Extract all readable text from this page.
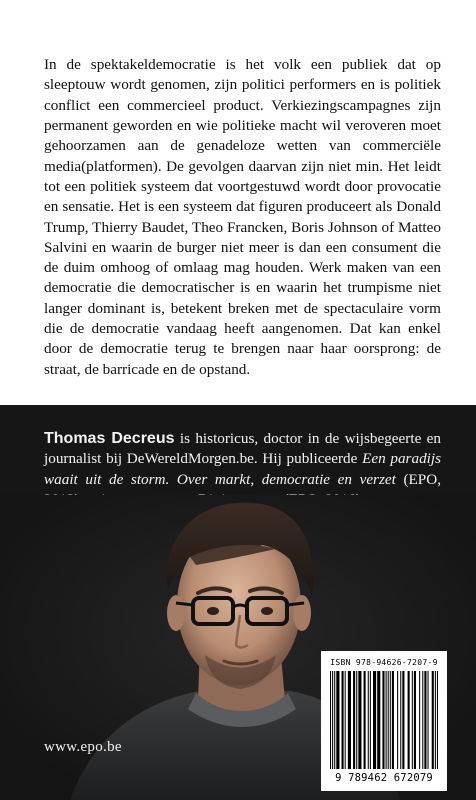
In de spektakeldemocratie is het volk een publiek dat op sleeptouw wordt genomen, zijn politici performers en is politiek conflict een commercieel product. Verkiezingscampagnes zijn permanent geworden en wie politieke macht wil veroveren moet gehoorzamen aan de genadeloze wetten van commerciële media(platformen). De gevolgen daarvan zijn niet min. Het leidt tot een politiek systeem dat voortgestuwd wordt door provocatie en sensatie. Het is een systeem dat figuren produceert als Donald Trump, Thierry Baudet, Theo Francken, Boris Johnson of Matteo Salvini en waarin de burger niet meer is dan een consument die de duim omhoog of omlaag mag houden. Werk maken van een democratie die democratischer is en waarin het trumpisme niet langer dominant is, betekent breken met de spectaculaire vorm die de democratie vandaag heeft aangenomen. Dat kan enkel door de democratie terug te brengen naar haar oorsprong: de straat, de barricade en de opstand.

Thomas Decreus is historicus, doctor in de wijsbegeerte en journalist bij DeWereldMorgen.be. Hij publiceerde Een paradijs waait uit de storm. Over markt, democratie en verzet (EPO,

www.epo.be
ISBN 978-94626-7207-9
9 789462 672079
